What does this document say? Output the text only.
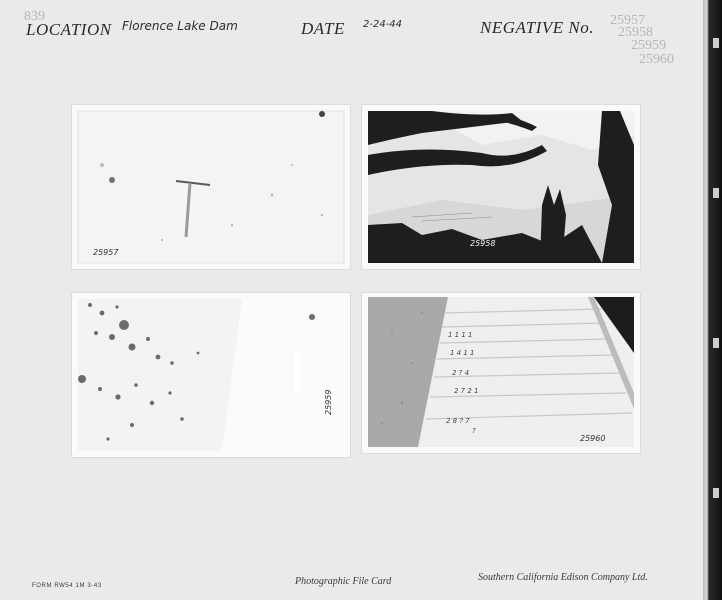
839
LOCATION Florence Lake Dam	DATE 2-24-44	NEGATIVE No. 25957
25958
25959
25960
25957
25958
25959
1 1 1 1
1 4 1 1
2 ? 4
2 7 2 1
2 8 ? 7
?
25960
FORM RW54 1M 3-43	Photographic File Card	Southern California Edison Company Ltd.
